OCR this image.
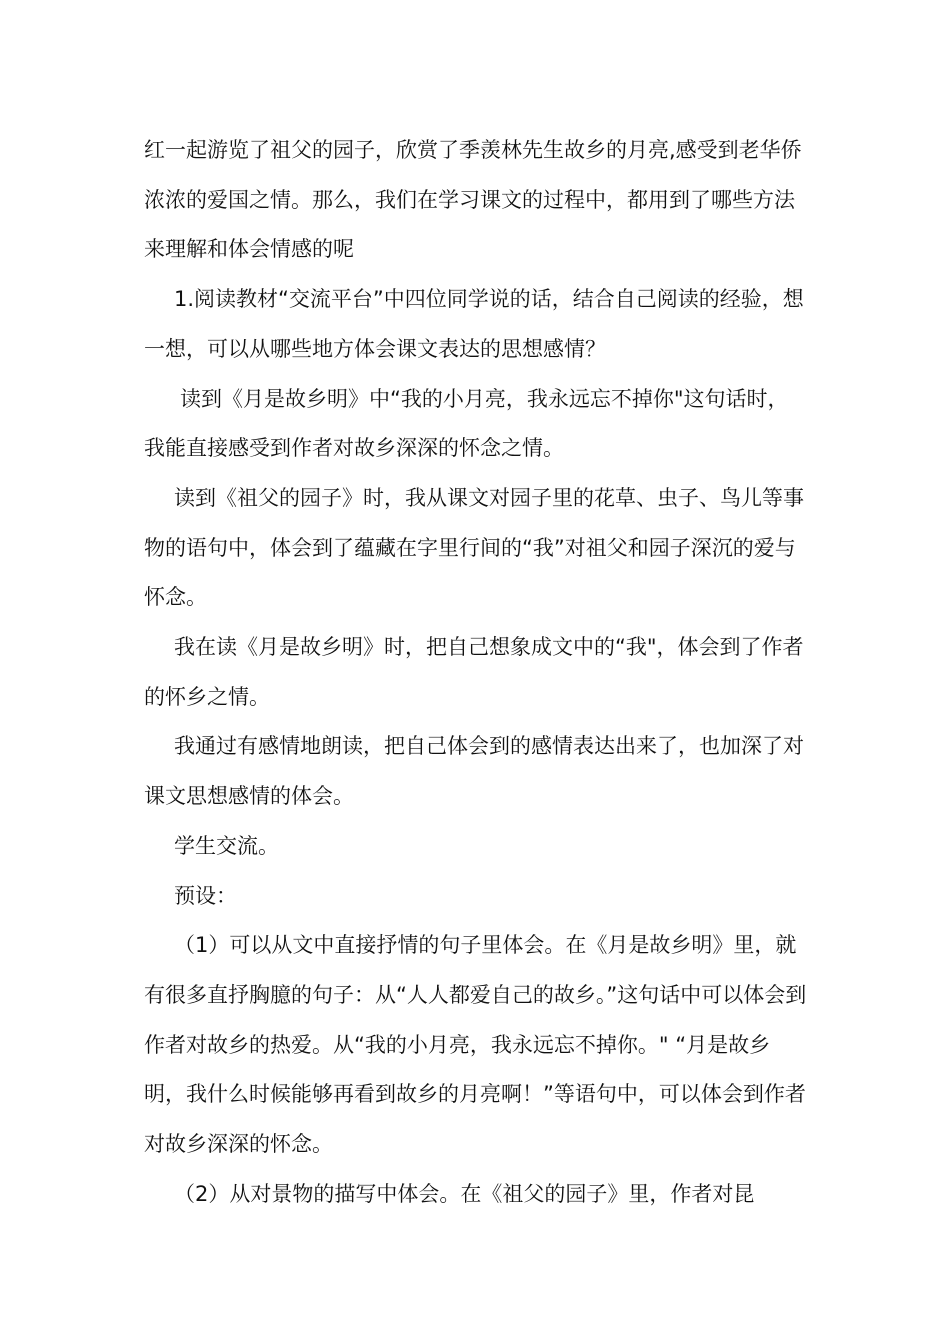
红一起游览了祖父的园子，欣赏了季羡林先生故乡的月亮,感受到老华侨浓浓的爱国之情。那么，我们在学习课文的过程中，都用到了哪些方法来理解和体会情感的呢

1.阅读教材“交流平台”中四位同学说的话，结合自己阅读的经验，想一想，可以从哪些地方体会课文表达的思想感情？

读到《月是故乡明》中“我的小月亮，我永远忘不掉你"这句话时，我能直接感受到作者对故乡深深的怀念之情。

读到《祖父的园子》时，我从课文对园子里的花草、虫子、鸟儿等事物的语句中，体会到了蕴藏在字里行间的“我”对祖父和园子深沉的爱与怀念。

我在读《月是故乡明》时，把自己想象成文中的“我"，体会到了作者的怀乡之情。

我通过有感情地朗读，把自己体会到的感情表达出来了，也加深了对课文思想感情的体会。

学生交流。

预设：

（1）可以从文中直接抒情的句子里体会。在《月是故乡明》里，就有很多直抒胸臆的句子：从“人人都爱自己的故乡。”这句话中可以体会到作者对故乡的热爱。从“我的小月亮，我永远忘不掉你。" “月是故乡明，我什么时候能够再看到故乡的月亮啊！”等语句中，可以体会到作者对故乡深深的怀念。

（2）从对景物的描写中体会。在《祖父的园子》里，作者对昆
